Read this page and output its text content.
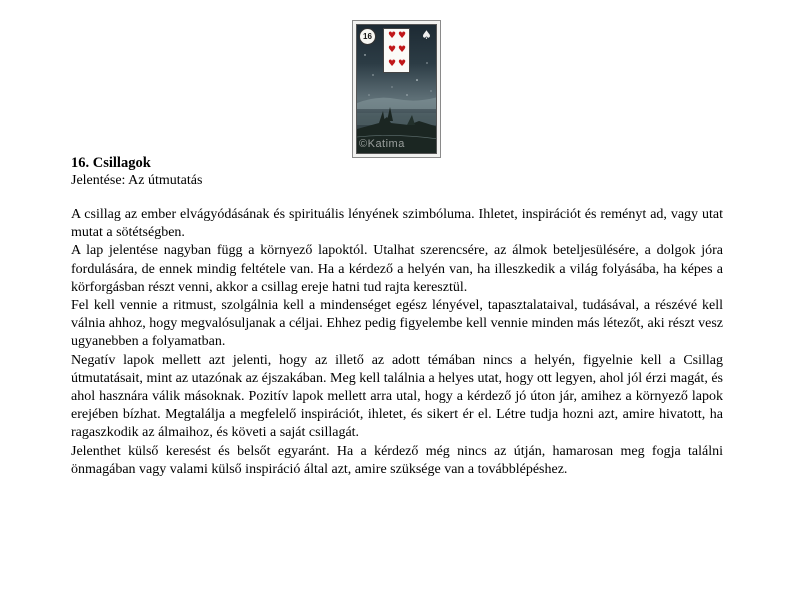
16	♠
♥ ♥
♥ ♥
♥ ♥
©Katima

16. Csillagok

Jelentése: Az útmutatás

A csillag az ember elvágyódásának és spirituális lényének szimbóluma. Ihletet, inspirációt és reményt ad, vagy utat mutat a sötétségben.

A lap jelentése nagyban függ a környező lapoktól. Utalhat szerencsére, az álmok beteljesülésére, a dolgok jóra fordulására, de ennek mindig feltétele van. Ha a kérdező a helyén van, ha illeszkedik a világ folyásába, ha képes a körforgásban részt venni, akkor a csillag ereje hatni tud rajta keresztül.

Fel kell vennie a ritmust, szolgálnia kell a mindenséget egész lényével, tapasztalataival, tudásával, a részévé kell válnia ahhoz, hogy megvalósuljanak a céljai. Ehhez pedig figyelembe kell vennie minden más létezőt, aki részt vesz ugyanebben a folyamatban.

Negatív lapok mellett azt jelenti, hogy az illető az adott témában nincs a helyén, figyelnie kell a Csillag útmutatásait, mint az utazónak az éjszakában. Meg kell találnia a helyes utat, hogy ott legyen, ahol jól érzi magát, és ahol hasznára válik másoknak. Pozitív lapok mellett arra utal, hogy a kérdező jó úton jár, amihez a környező lapok erejében bízhat. Megtalálja a megfelelő inspirációt, ihletet, és sikert ér el. Létre tudja hozni azt, amire hivatott, ha ragaszkodik az álmaihoz, és követi a saját csillagát.

Jelenthet külső keresést és belsőt egyaránt. Ha a kérdező még nincs az útján, hamarosan meg fogja találni önmagában vagy valami külső inspiráció által azt, amire szüksége van a továbblépéshez.
